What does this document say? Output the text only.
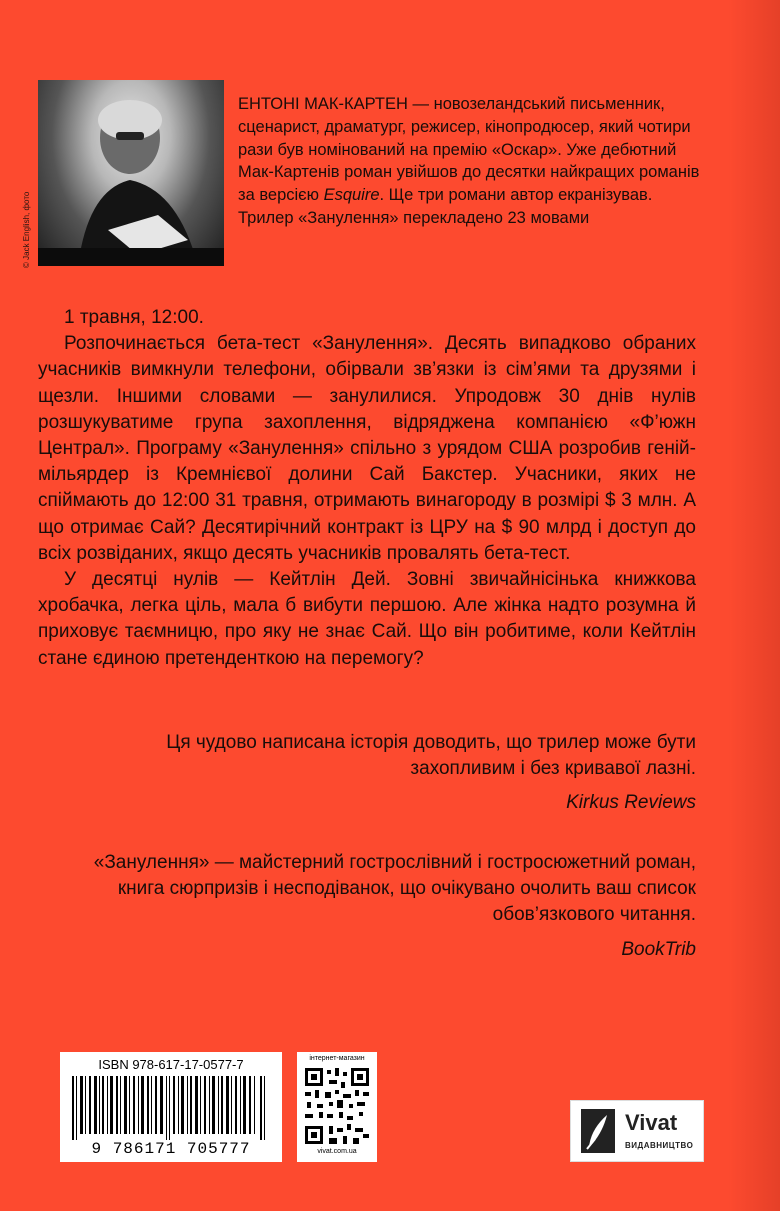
© Jack English, фото

ЕНТОНІ МАК-КАРТЕН — новозеландський письменник, сценарист, драматург, режисер, кінопродюсер, який чотири рази був номінований на премію «Оскар». Уже дебютний Мак-Картенів роман увійшов до десятки найкращих романів за версією Esquire. Ще три романи автор екранізував. Трилер «Занулення» перекладено 23 мовами

1 травня, 12:00.

Розпочинається бета-тест «Занулення». Десять випадково обраних учасників вимкнули телефони, обірвали зв’язки із сім’ями та друзями і щезли. Іншими словами — занулилися. Упродовж 30 днів нулів розшукуватиме група захоплення, відряджена компанією «Ф’южн Централ». Програму «Занулення» спільно з урядом США розробив геній-мільярдер із Кремнієвої долини Сай Бакстер. Учасники, яких не спіймають до 12:00 31 травня, отримають винагороду в розмірі $ 3 млн. А що отримає Сай? Десятирічний контракт із ЦРУ на $ 90 млрд і доступ до всіх розвіданих, якщо десять учасників провалять бета-тест.

У десятці нулів — Кейтлін Дей. Зовні звичайнісінька книжкова хробачка, легка ціль, мала б вибути першою. Але жінка надто розумна й приховує таємницю, про яку не знає Сай. Що він робитиме, коли Кейтлін стане єдиною претенденткою на перемогу?

Ця чудово написана історія доводить, що трилер може бути захопливим і без кривавої лазні.

Kirkus Reviews

«Занулення» — майстерний гострослівний і гостросюжетний роман, книга сюрпризів і несподіванок, що очікувано очолить ваш список обов’язкового читання.

BookTrib

ISBN 978-617-17-0577-7
9 786171 705777
інтернет-магазин
vivat.com.ua
Vivat
ВИДАВНИЦТВО
